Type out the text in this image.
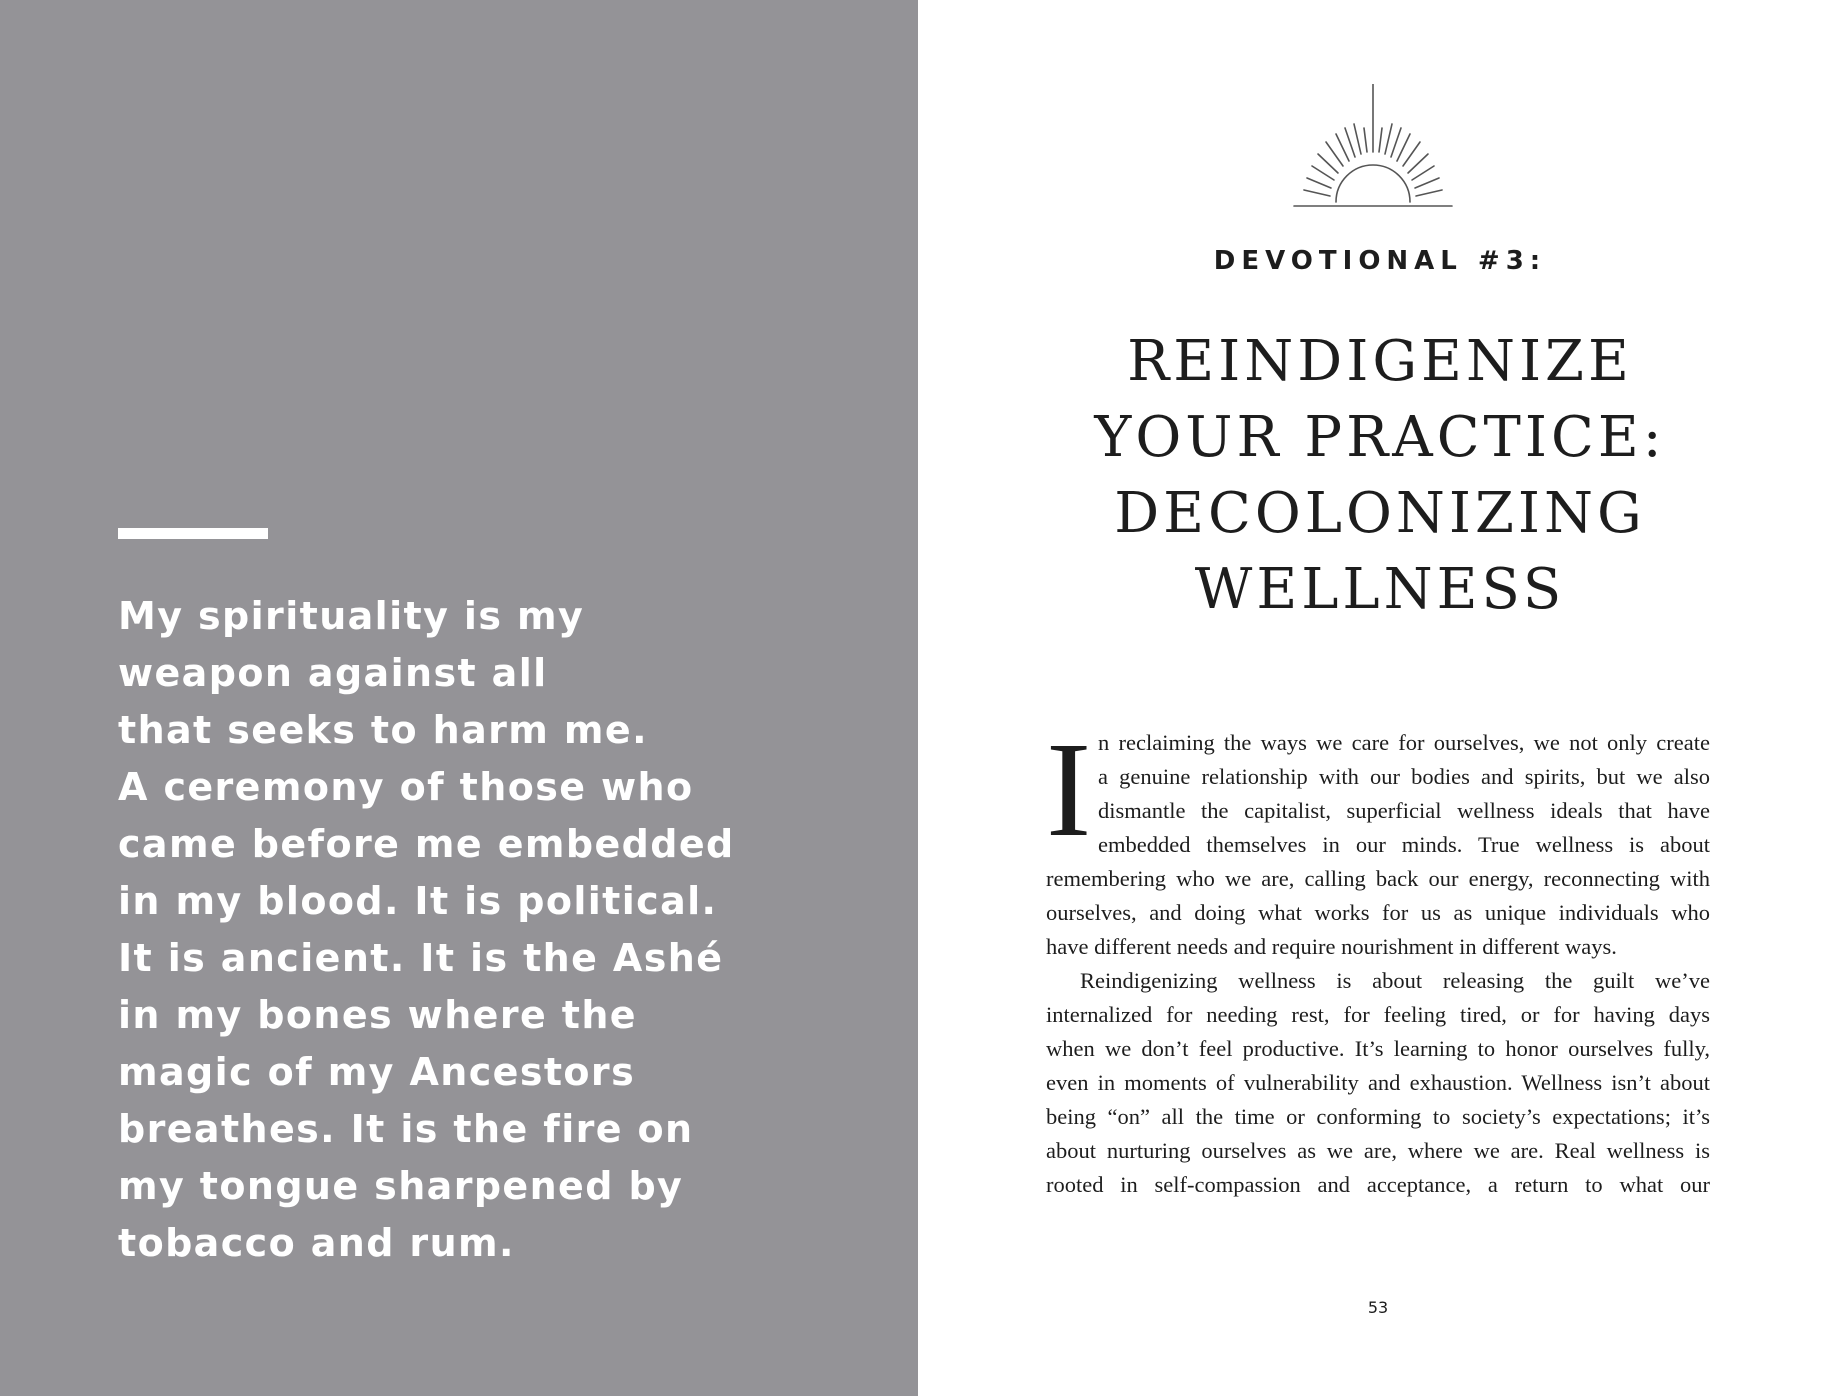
My spirituality is my
weapon against all
that seeks to harm me.
A ceremony of those who
came before me embedded
in my blood. It is political.
It is ancient. It is the Ashé
in my bones where the
magic of my Ancestors
breathes. It is the fire on
my tongue sharpened by
tobacco and rum.

DEVOTIONAL #3:

REINDIGENIZE
YOUR PRACTICE:
DECOLONIZING
WELLNESS
I n reclaiming the ways we care for ourselves, we not only create
a genuine relationship with our bodies and spirits, but we also
dismantle the capitalist, superficial wellness ideals that have
embedded themselves in our minds. True wellness is about
remembering who we are, calling back our energy, reconnecting with
ourselves, and doing what works for us as unique individuals who
have different needs and require nourishment in different ways.

Reindigenizing wellness is about releasing the guilt we’ve
internalized for needing rest, for feeling tired, or for having days
when we don’t feel productive. It’s learning to honor ourselves fully,
even in moments of vulnerability and exhaustion. Wellness isn’t about
being “on” all the time or conforming to society’s expectations; it’s
about nurturing ourselves as we are, where we are. Real wellness is
rooted in self-compassion and acceptance, a return to what our

53
